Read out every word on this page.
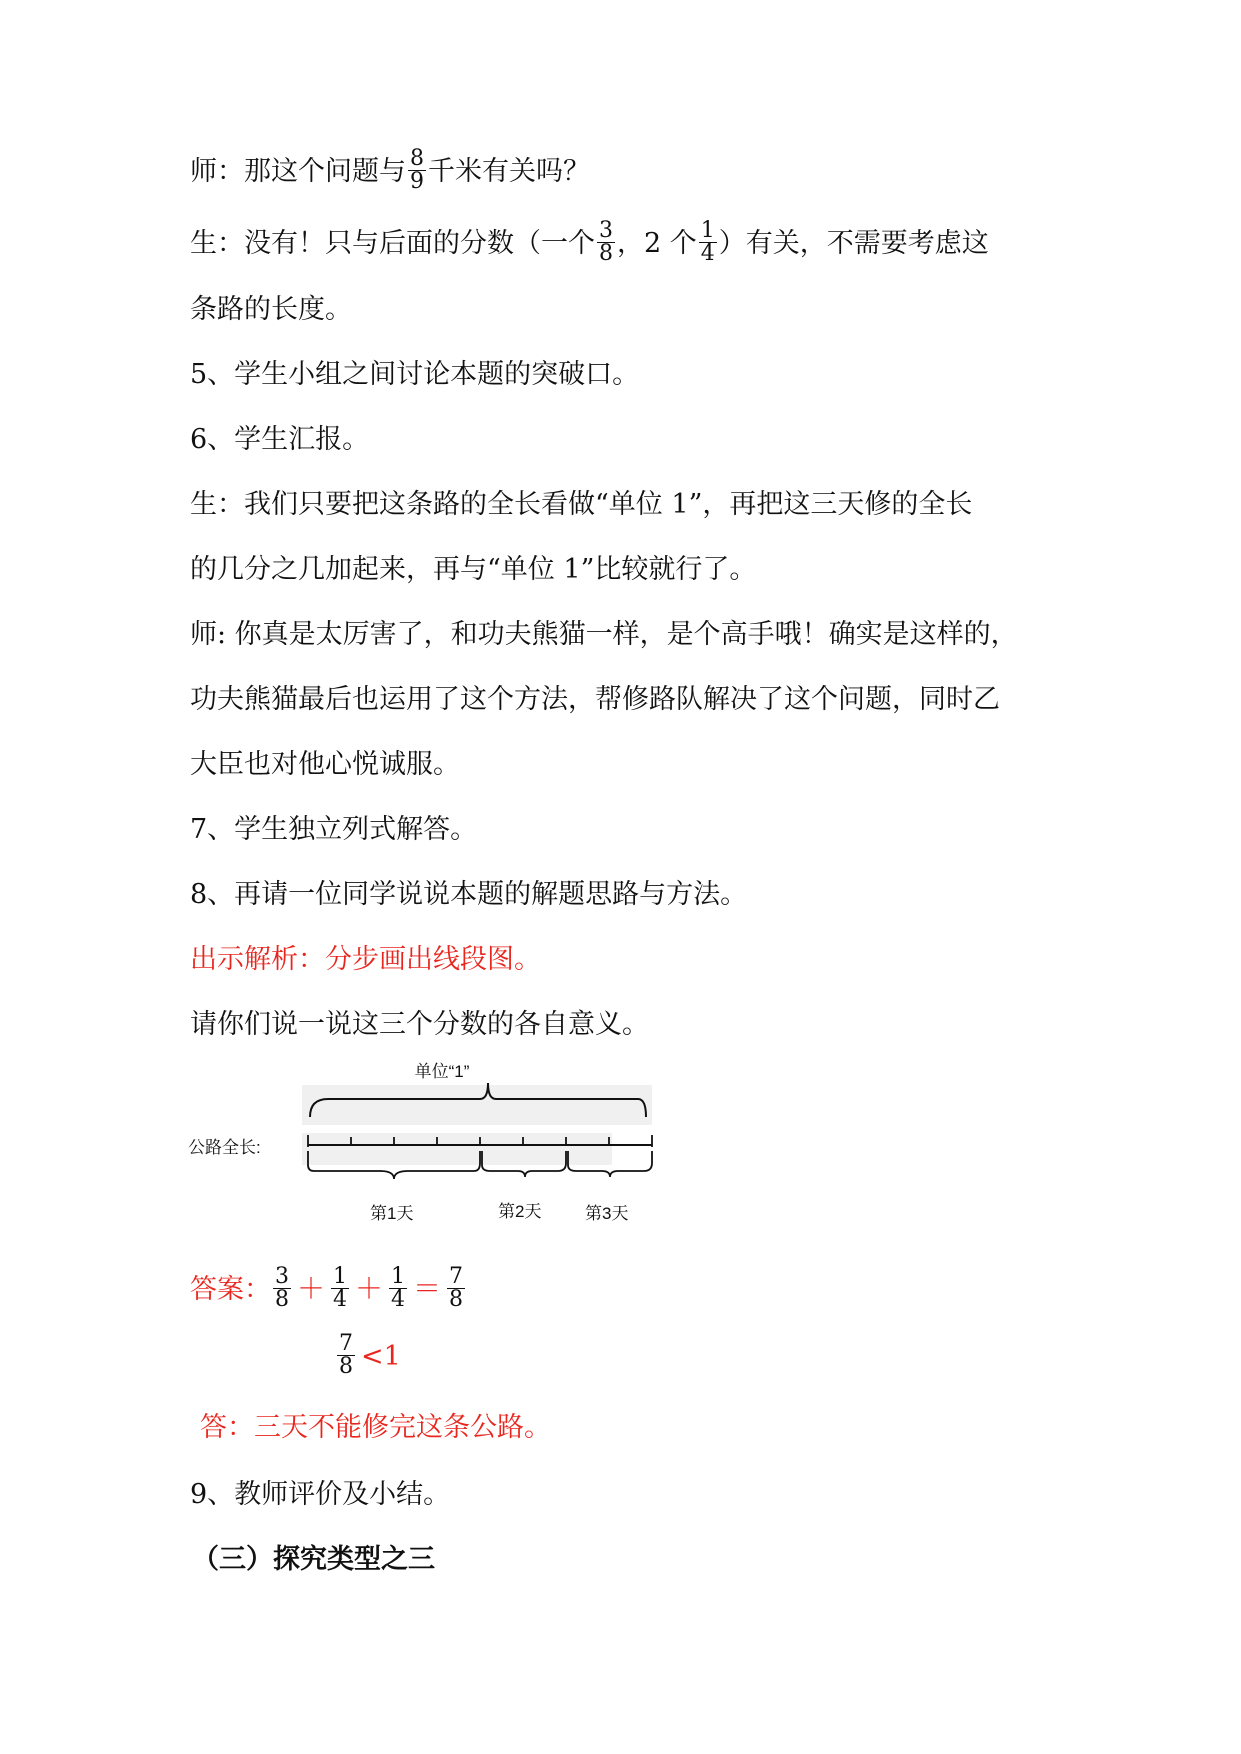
师：那这个问题与 $\frac{8}{9}$ 千米有关吗？
生：没有！只与后面的分数（一个 $\frac{3}{8}$ ，2 个 $\frac{1}{4}$ ）有关，不需要考虑这
条路的长度。
5、学生小组之间讨论本题的突破口。
6、学生汇报。
生：我们只要把这条路的全长看做“单位 1”，再把这三天修的全长
的几分之几加起来，再与“单位 1”比较就行了。
师: 你真是太厉害了，和功夫熊猫一样，是个高手哦！确实是这样的，
功夫熊猫最后也运用了这个方法，帮修路队解决了这个问题，同时乙
大臣也对他心悦诚服。
7、学生独立列式解答。
8、再请一位同学说说本题的解题思路与方法。
出示解析：分步画出线段图。
请你们说一说这三个分数的各自意义。
单位“1”
公路全长:
第1天	第2天	第3天
答案： $\frac{3}{8} + \frac{1}{4} + \frac{1}{4} = \frac{7}{8}$
$\frac{7}{8} <1$
答：三天不能修完这条公路。
9、教师评价及小结。
（三）探究类型之三
